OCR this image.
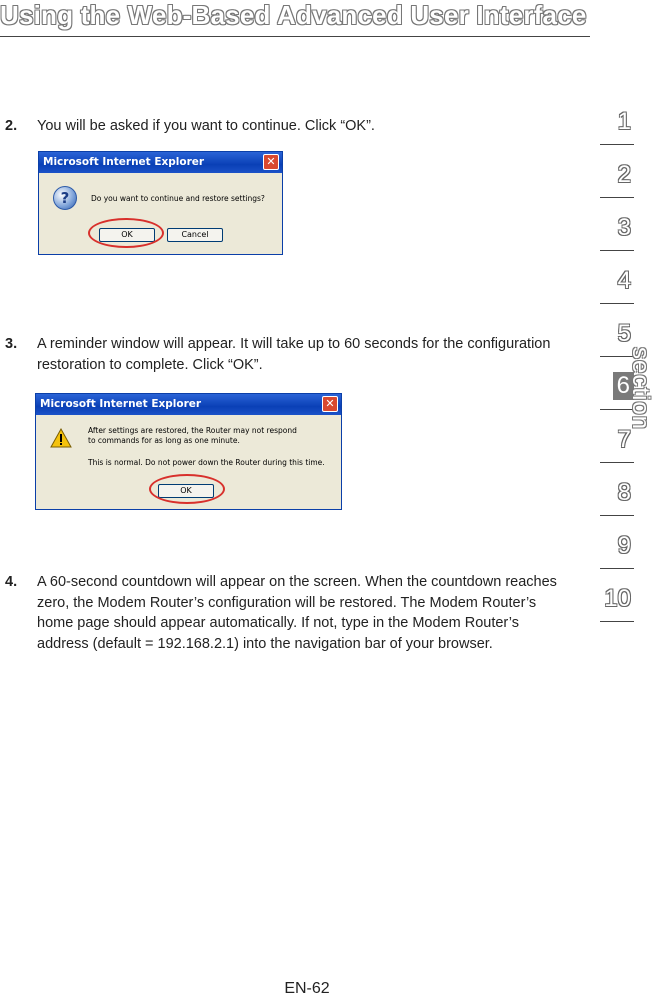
Using the Web-Based Advanced User Interface
2. You will be asked if you want to continue. Click “OK”.
Microsoft Internet Explorer	✕
?	Do you want to continue and restore settings?
OK	Cancel
3. A reminder window will appear. It will take up to 60 seconds for the configuration restoration to complete. Click “OK”.
Microsoft Internet Explorer	✕
After settings are restored, the Router may not respond
to commands for as long as one minute.
This is normal. Do not power down the Router during this time.
OK
4. A 60-second countdown will appear on the screen. When the countdown reaches zero, the Modem Router’s configuration will be restored. The Modem Router’s home page should appear automatically. If not, type in the Modem Router’s address (default = 192.168.2.1) into the navigation bar of your browser.
1
2
3
4
5
6
7
8
9
10
section
EN-62
